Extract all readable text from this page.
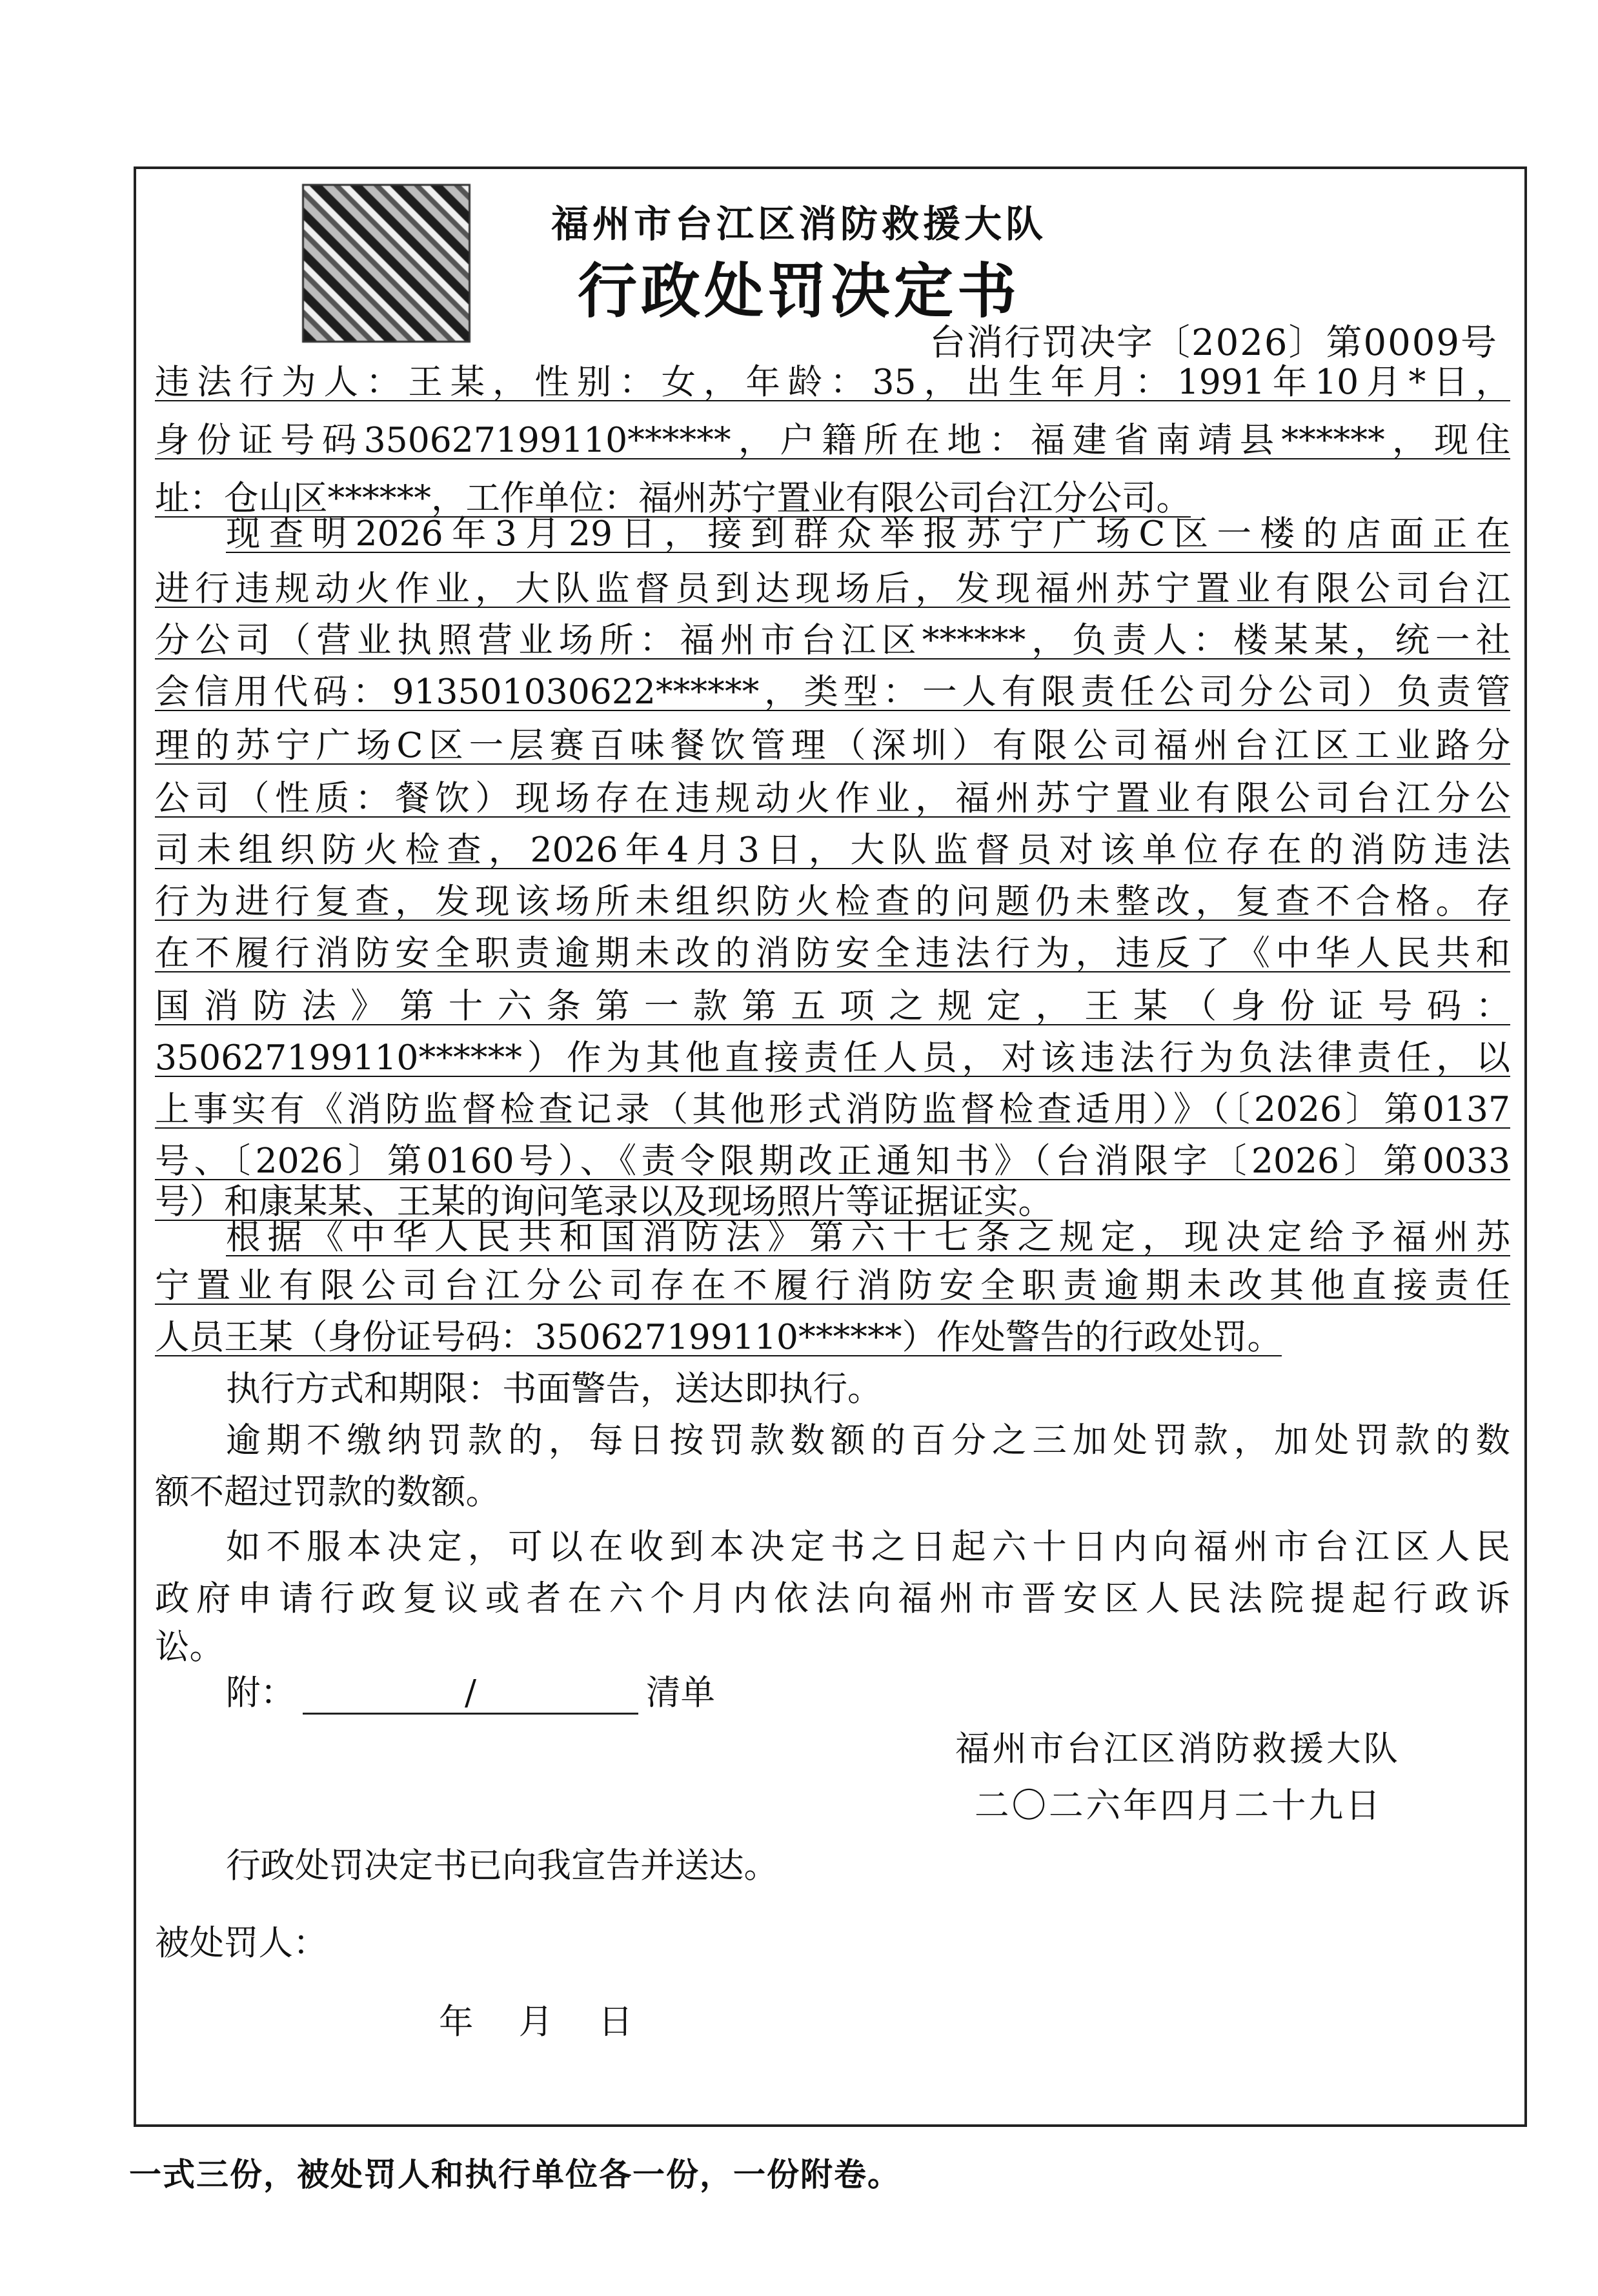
福州市台江区消防救援大队
行政处罚决定书
台消行罚决字〔2026〕第0009号
违法行为人：王某，性别：女，年龄：35，出生年月：1991年10月*日，
身份证号码350627199110******，户籍所在地：福建省南靖县******，现住
址：仓山区******，工作单位：福州苏宁置业有限公司台江分公司。
现查明2026年3月29日，接到群众举报苏宁广场C区一楼的店面正在
进行违规动火作业，大队监督员到达现场后，发现福州苏宁置业有限公司台江
分公司（营业执照营业场所：福州市台江区******，负责人：楼某某，统一社
会信用代码：913501030622******，类型：一人有限责任公司分公司）负责管
理的苏宁广场C区一层赛百味餐饮管理（深圳）有限公司福州台江区工业路分
公司（性质：餐饮）现场存在违规动火作业，福州苏宁置业有限公司台江分公
司未组织防火检查，2026年4月3日，大队监督员对该单位存在的消防违法
行为进行复查，发现该场所未组织防火检查的问题仍未整改，复查不合格。存
在不履行消防安全职责逾期未改的消防安全违法行为，违反了《中华人民共和
国消防法》第十六条第一款第五项之规定，王某（身份证号码：
350627199110******）作为其他直接责任人员，对该违法行为负法律责任，以
上事实有《消防监督检查记录（其他形式消防监督检查适用）》（〔2026〕第0137
号、〔2026〕第0160号）、《责令限期改正通知书》（台消限字〔2026〕第0033
号）和康某某、王某的询问笔录以及现场照片等证据证实。
根据《中华人民共和国消防法》第六十七条之规定，现决定给予福州苏
宁置业有限公司台江分公司存在不履行消防安全职责逾期未改其他直接责任
人员王某（身份证号码：350627199110******）作处警告的行政处罚。
执行方式和期限：书面警告，送达即执行。
逾期不缴纳罚款的，每日按罚款数额的百分之三加处罚款，加处罚款的数
额不超过罚款的数额。
如不服本决定，可以在收到本决定书之日起六十日内向福州市台江区人民
政府申请行政复议或者在六个月内依法向福州市晋安区人民法院提起行政诉
讼。
附：	/	清单
福州市台江区消防救援大队
二〇二六年四月二十九日
行政处罚决定书已向我宣告并送达。
被处罚人：
年 月 日
一式三份，被处罚人和执行单位各一份，一份附卷。
